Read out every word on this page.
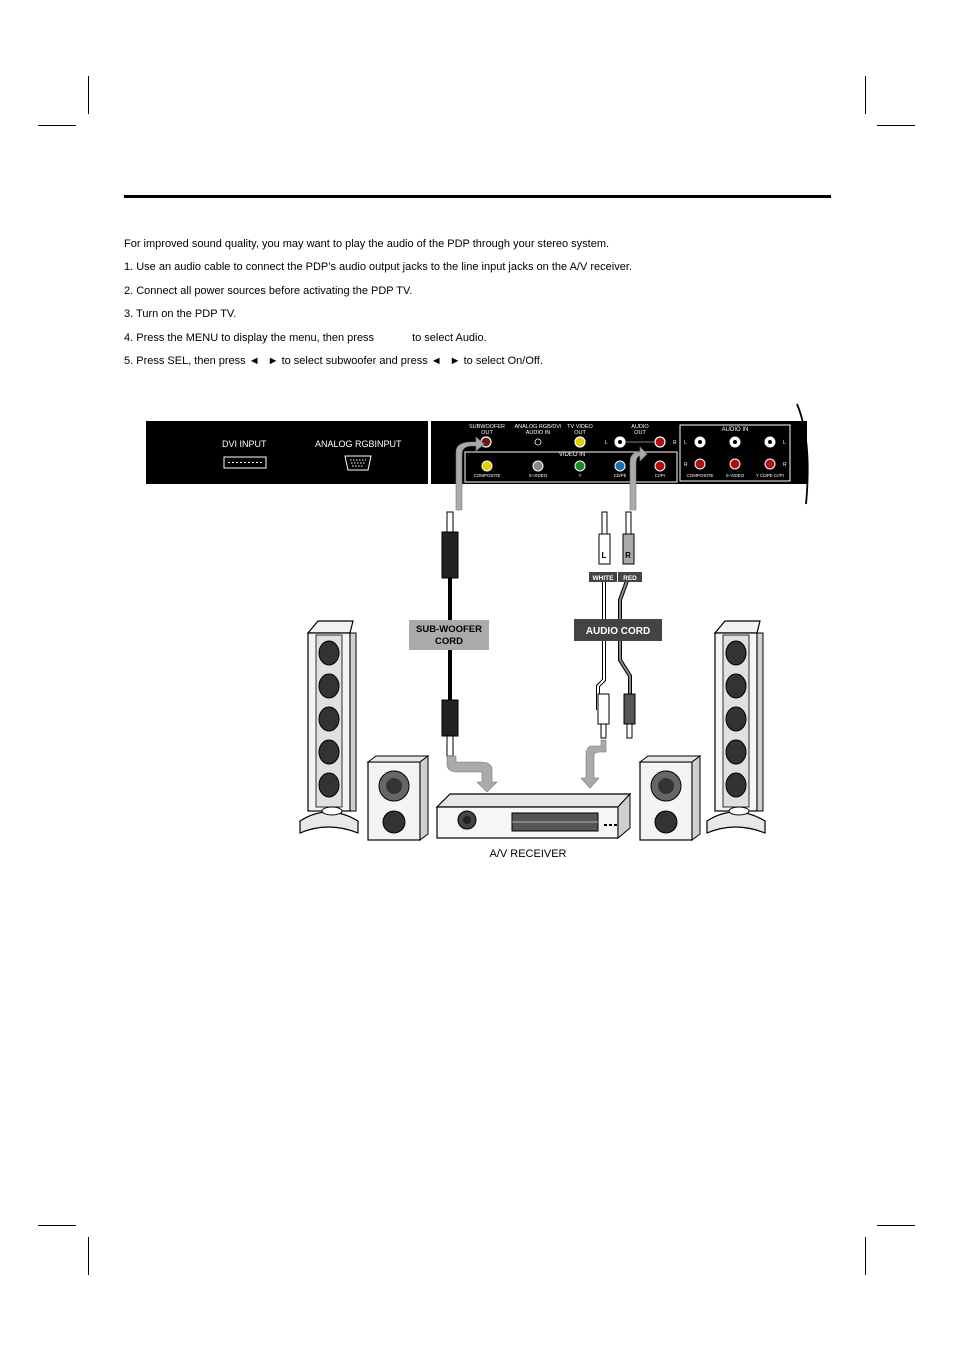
For improved sound quality, you may want to play the audio of the PDP through your stereo system.

1. Use an audio cable to connect the PDP’s audio output jacks to the line input jacks on the A/V receiver.

2. Connect all power sources before activating the PDP TV.

3. Turn on the PDP TV.

4. Press the MENU to display the menu, then press	to select Audio.

5. Press SEL, then press ◄ ► to select subwoofer and press ◄ ► to select On/Off.

DVI INPUT	ANALOG RGBINPUT
SUBWOOFER
OUT
ANALOG RGB/DVI
AUDIO IN
TV VIDEO
OUT
AUDIO
OUT
L	R
VIDEO IN
COMPOSITE	S-VIDEO	Y	Cb/Pb	Cr/Pr
AUDIO IN
L	L
R	R
COMPOSITE	S-VIDEO	Y Cb/Pb Cr/Pr
SUB-WOOFER
CORD
L R
WHITE RED
AUDIO CORD
A/V RECEIVER
